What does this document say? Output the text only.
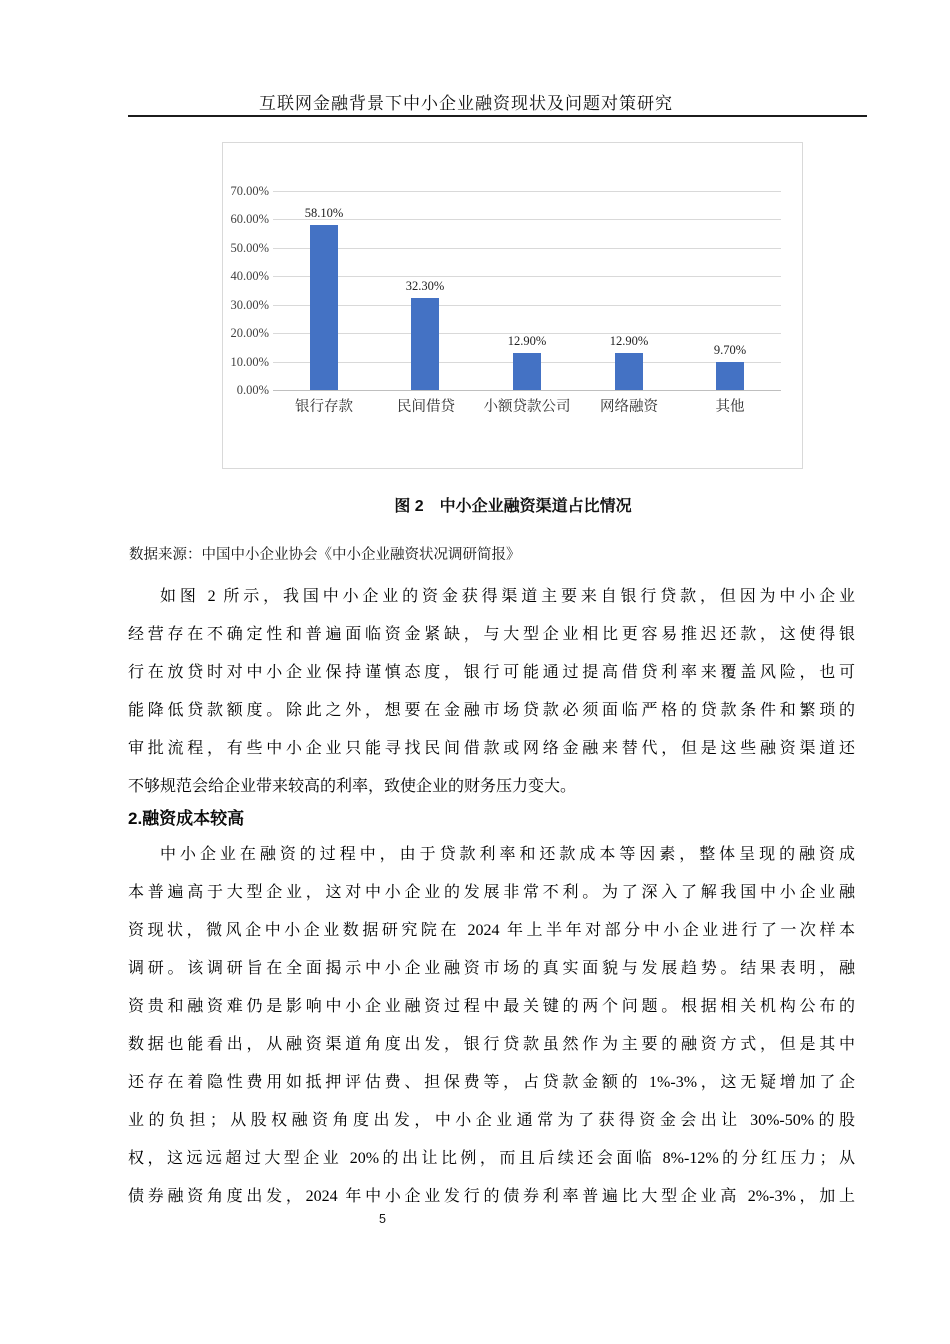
互联网金融背景下中小企业融资现状及问题对策研究
0.00%
10.00%
20.00%
30.00%
40.00%
50.00%
60.00%
70.00%
58.10%
银行存款
32.30%
民间借贷
12.90%
小额贷款公司
12.90%
网络融资
9.70%
其他
图 2　中小企业融资渠道占比情况
数据来源：中国中小企业协会《中小企业融资状况调研简报》
如图 2 所示，我国中小企业的资金获得渠道主要来自银行贷款，但因为中小企业
经营存在不确定性和普遍面临资金紧缺，与大型企业相比更容易推迟还款，这使得银
行在放贷时对中小企业保持谨慎态度，银行可能通过提高借贷利率来覆盖风险，也可
能降低贷款额度。除此之外，想要在金融市场贷款必须面临严格的贷款条件和繁琐的
审批流程，有些中小企业只能寻找民间借款或网络金融来替代，但是这些融资渠道还
不够规范会给企业带来较高的利率，致使企业的财务压力变大。
2.融资成本较高
中小企业在融资的过程中，由于贷款利率和还款成本等因素，整体呈现的融资成
本普遍高于大型企业，这对中小企业的发展非常不利。为了深入了解我国中小企业融
资现状，微风企中小企业数据研究院在 2024 年上半年对部分中小企业进行了一次样本
调研。该调研旨在全面揭示中小企业融资市场的真实面貌与发展趋势。结果表明，融
资贵和融资难仍是影响中小企业融资过程中最关键的两个问题。根据相关机构公布的
数据也能看出，从融资渠道角度出发，银行贷款虽然作为主要的融资方式，但是其中
还存在着隐性费用如抵押评估费、担保费等，占贷款金额的 1%-3%，这无疑增加了企
业的负担；从股权融资角度出发，中小企业通常为了获得资金会出让 30%-50%的股
权，这远远超过大型企业 20%的出让比例，而且后续还会面临 8%-12%的分红压力；从
债券融资角度出发，2024 年中小企业发行的债券利率普遍比大型企业高 2%-3%，加上
5
